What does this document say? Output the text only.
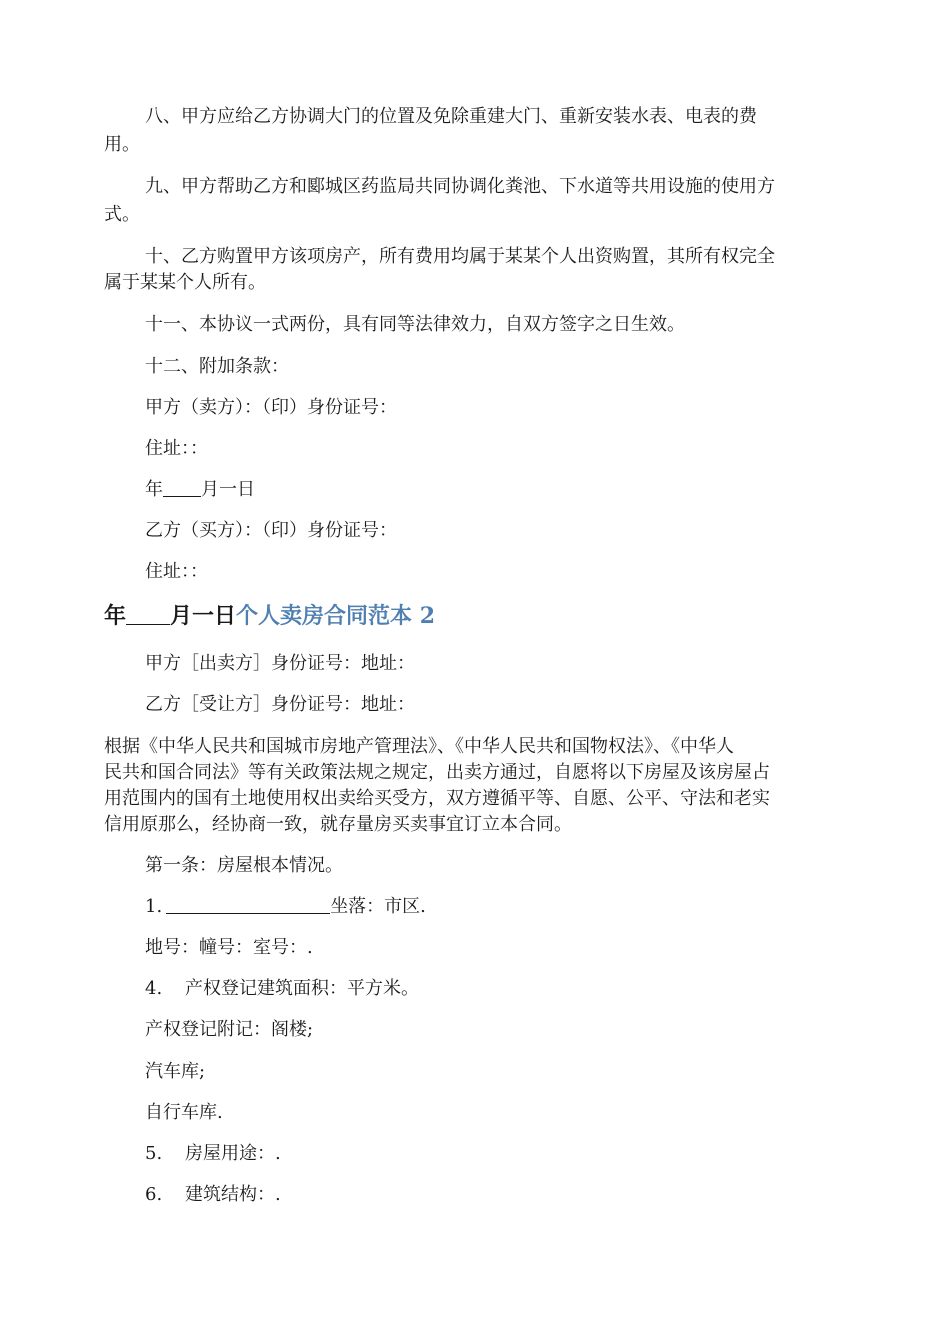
八、甲方应给乙方协调大门的位置及免除重建大门、重新安装水表、电表的费

用。

九、甲方帮助乙方和郾城区药监局共同协调化粪池、下水道等共用设施的使用方

式。

十、乙方购置甲方该项房产，所有费用均属于某某个人出资购置，其所有权完全

属于某某个人所有。

十一、本协议一式两份，具有同等法律效力，自双方签字之日生效。

十二、附加条款：

甲方（卖方）：（印）身份证号：

住址：：

年 月一日

乙方（买方）：（印）身份证号：

住址：：

年 月一日个人卖房合同范本 2

甲方［出卖方］身份证号：地址：

乙方［受让方］身份证号：地址：

根据《中华人民共和国城市房地产管理法》、《中华人民共和国物权法》、《中华人

民共和国合同法》等有关政策法规之规定，出卖方通过，自愿将以下房屋及该房屋占

用范围内的国有土地使用权出卖给买受方，双方遵循平等、自愿、公平、守法和老实

信用原那么，经协商一致，就存量房买卖事宜订立本合同。

第一条：房屋根本情况。

1.	坐落：市区.

地号：幢号：室号：.

4. 产权登记建筑面积：平方米。

产权登记附记：阁楼;

汽车库;

自行车库.

5. 房屋用途：.

6. 建筑结构：.
